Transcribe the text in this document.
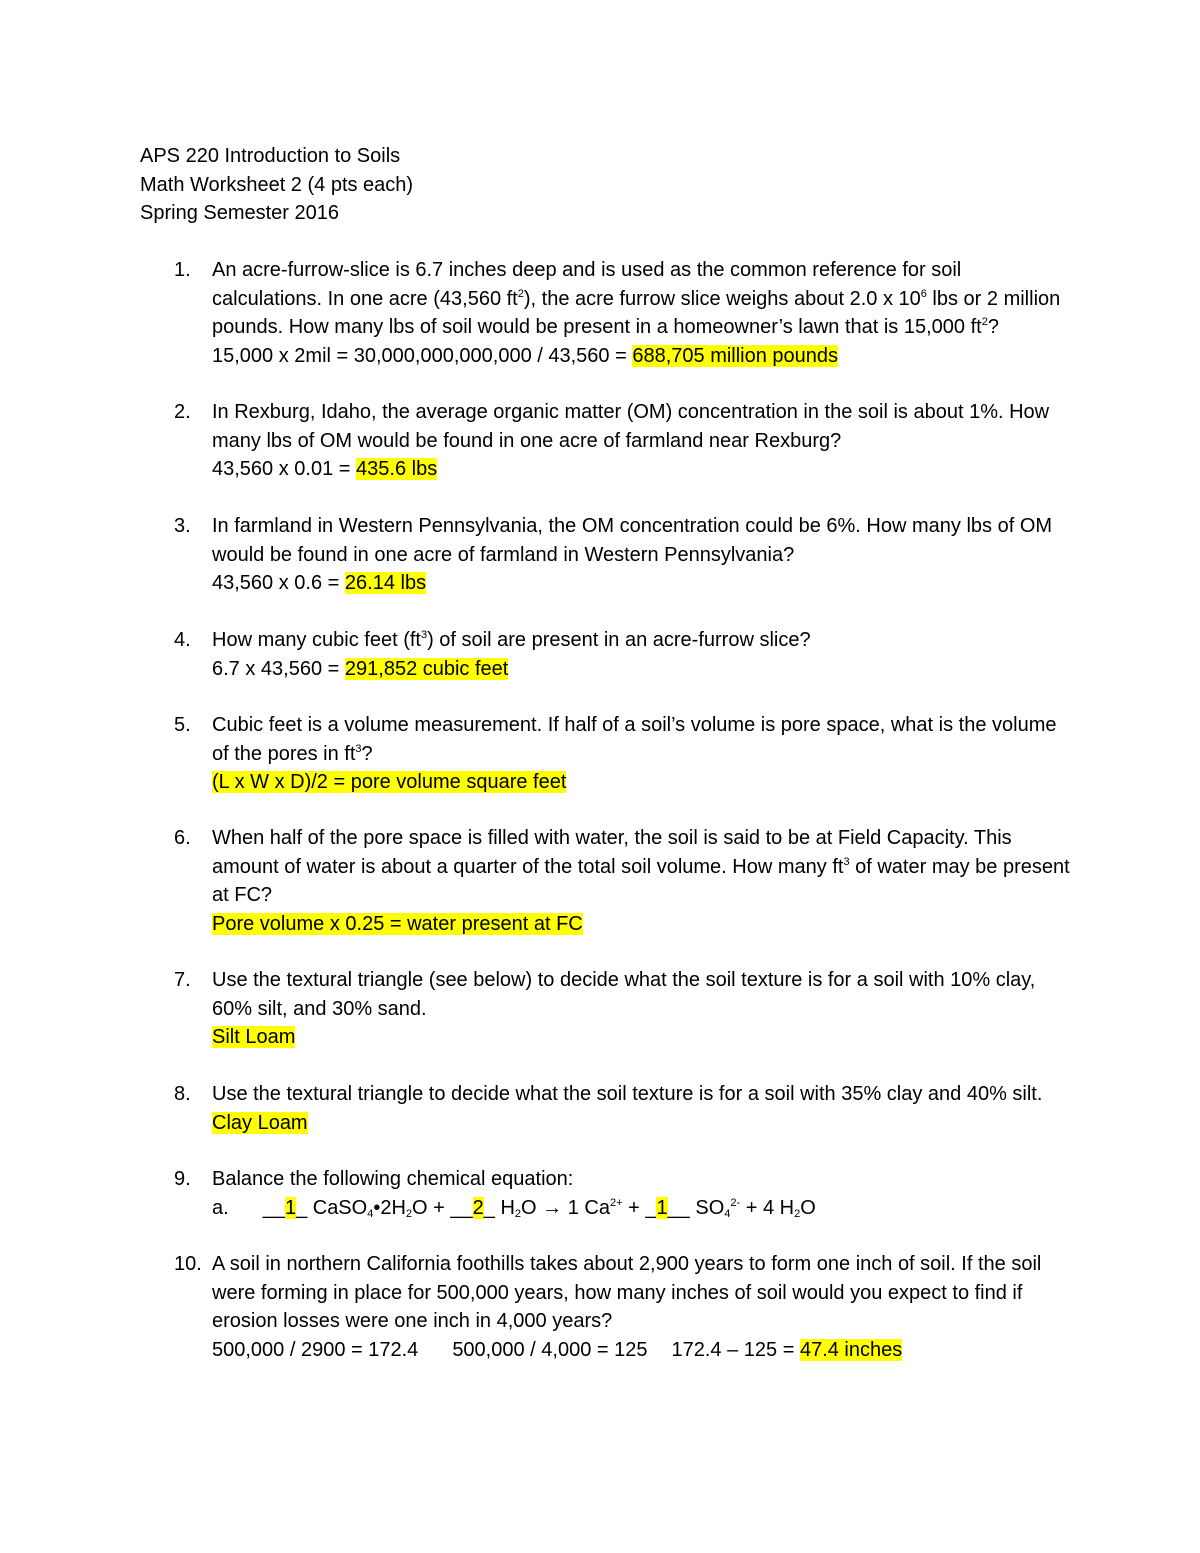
APS 220 Introduction to Soils
Math Worksheet 2 (4 pts each)
Spring Semester 2016
1. An acre-furrow-slice is 6.7 inches deep and is used as the common reference for soil calculations. In one acre (43,560 $ft^2$), the acre furrow slice weighs about 2.0 x $10^6$ lbs or 2 million pounds. How many lbs of soil would be present in a homeowner’s lawn that is 15,000 $ft^2$?
15,000 x 2mil = 30,000,000,000,000 / 43,560 = 688,705 million pounds
2. In Rexburg, Idaho, the average organic matter (OM) concentration in the soil is about 1%. How many lbs of OM would be found in one acre of farmland near Rexburg?
43,560 x 0.01 = 435.6 lbs
3. In farmland in Western Pennsylvania, the OM concentration could be 6%. How many lbs of OM would be found in one acre of farmland in Western Pennsylvania?
43,560 x 0.6 = 26.14 lbs
4. How many cubic feet $(ft^3)$ of soil are present in an acre-furrow slice?
6.7 x 43,560 = 291,852 cubic feet
5. Cubic feet is a volume measurement. If half of a soil’s volume is pore space, what is the volume of the pores in $ft^3$?
(L x W x D)/2 = pore volume square feet
6. When half of the pore space is filled with water, the soil is said to be at Field Capacity. This amount of water is about a quarter of the total soil volume. How many $ft^3$ of water may be present at FC?
Pore volume x 0.25 = water present at FC
7. Use the textural triangle (see below) to decide what the soil texture is for a soil with 10% clay, 60% silt, and 30% sand.
Silt Loam
8. Use the textural triangle to decide what the soil texture is for a soil with 35% clay and 40% silt.
Clay Loam
9. Balance the following chemical equation:
a. __1_ $CaSO_4•2H_2O$ + __2_ $H_2O \to 1$ $Ca^{2+}$ + _1__ $SO_4^{2-} + 4$ $H_2O$
10. A soil in northern California foothills takes about 2,900 years to form one inch of soil. If the soil were forming in place for 500,000 years, how many inches of soil would you expect to find if erosion losses were one inch in 4,000 years?
500,000 / 2900 = 172.4 500,000 / 4,000 = 125 172.4 – 125 = 47.4 inches
